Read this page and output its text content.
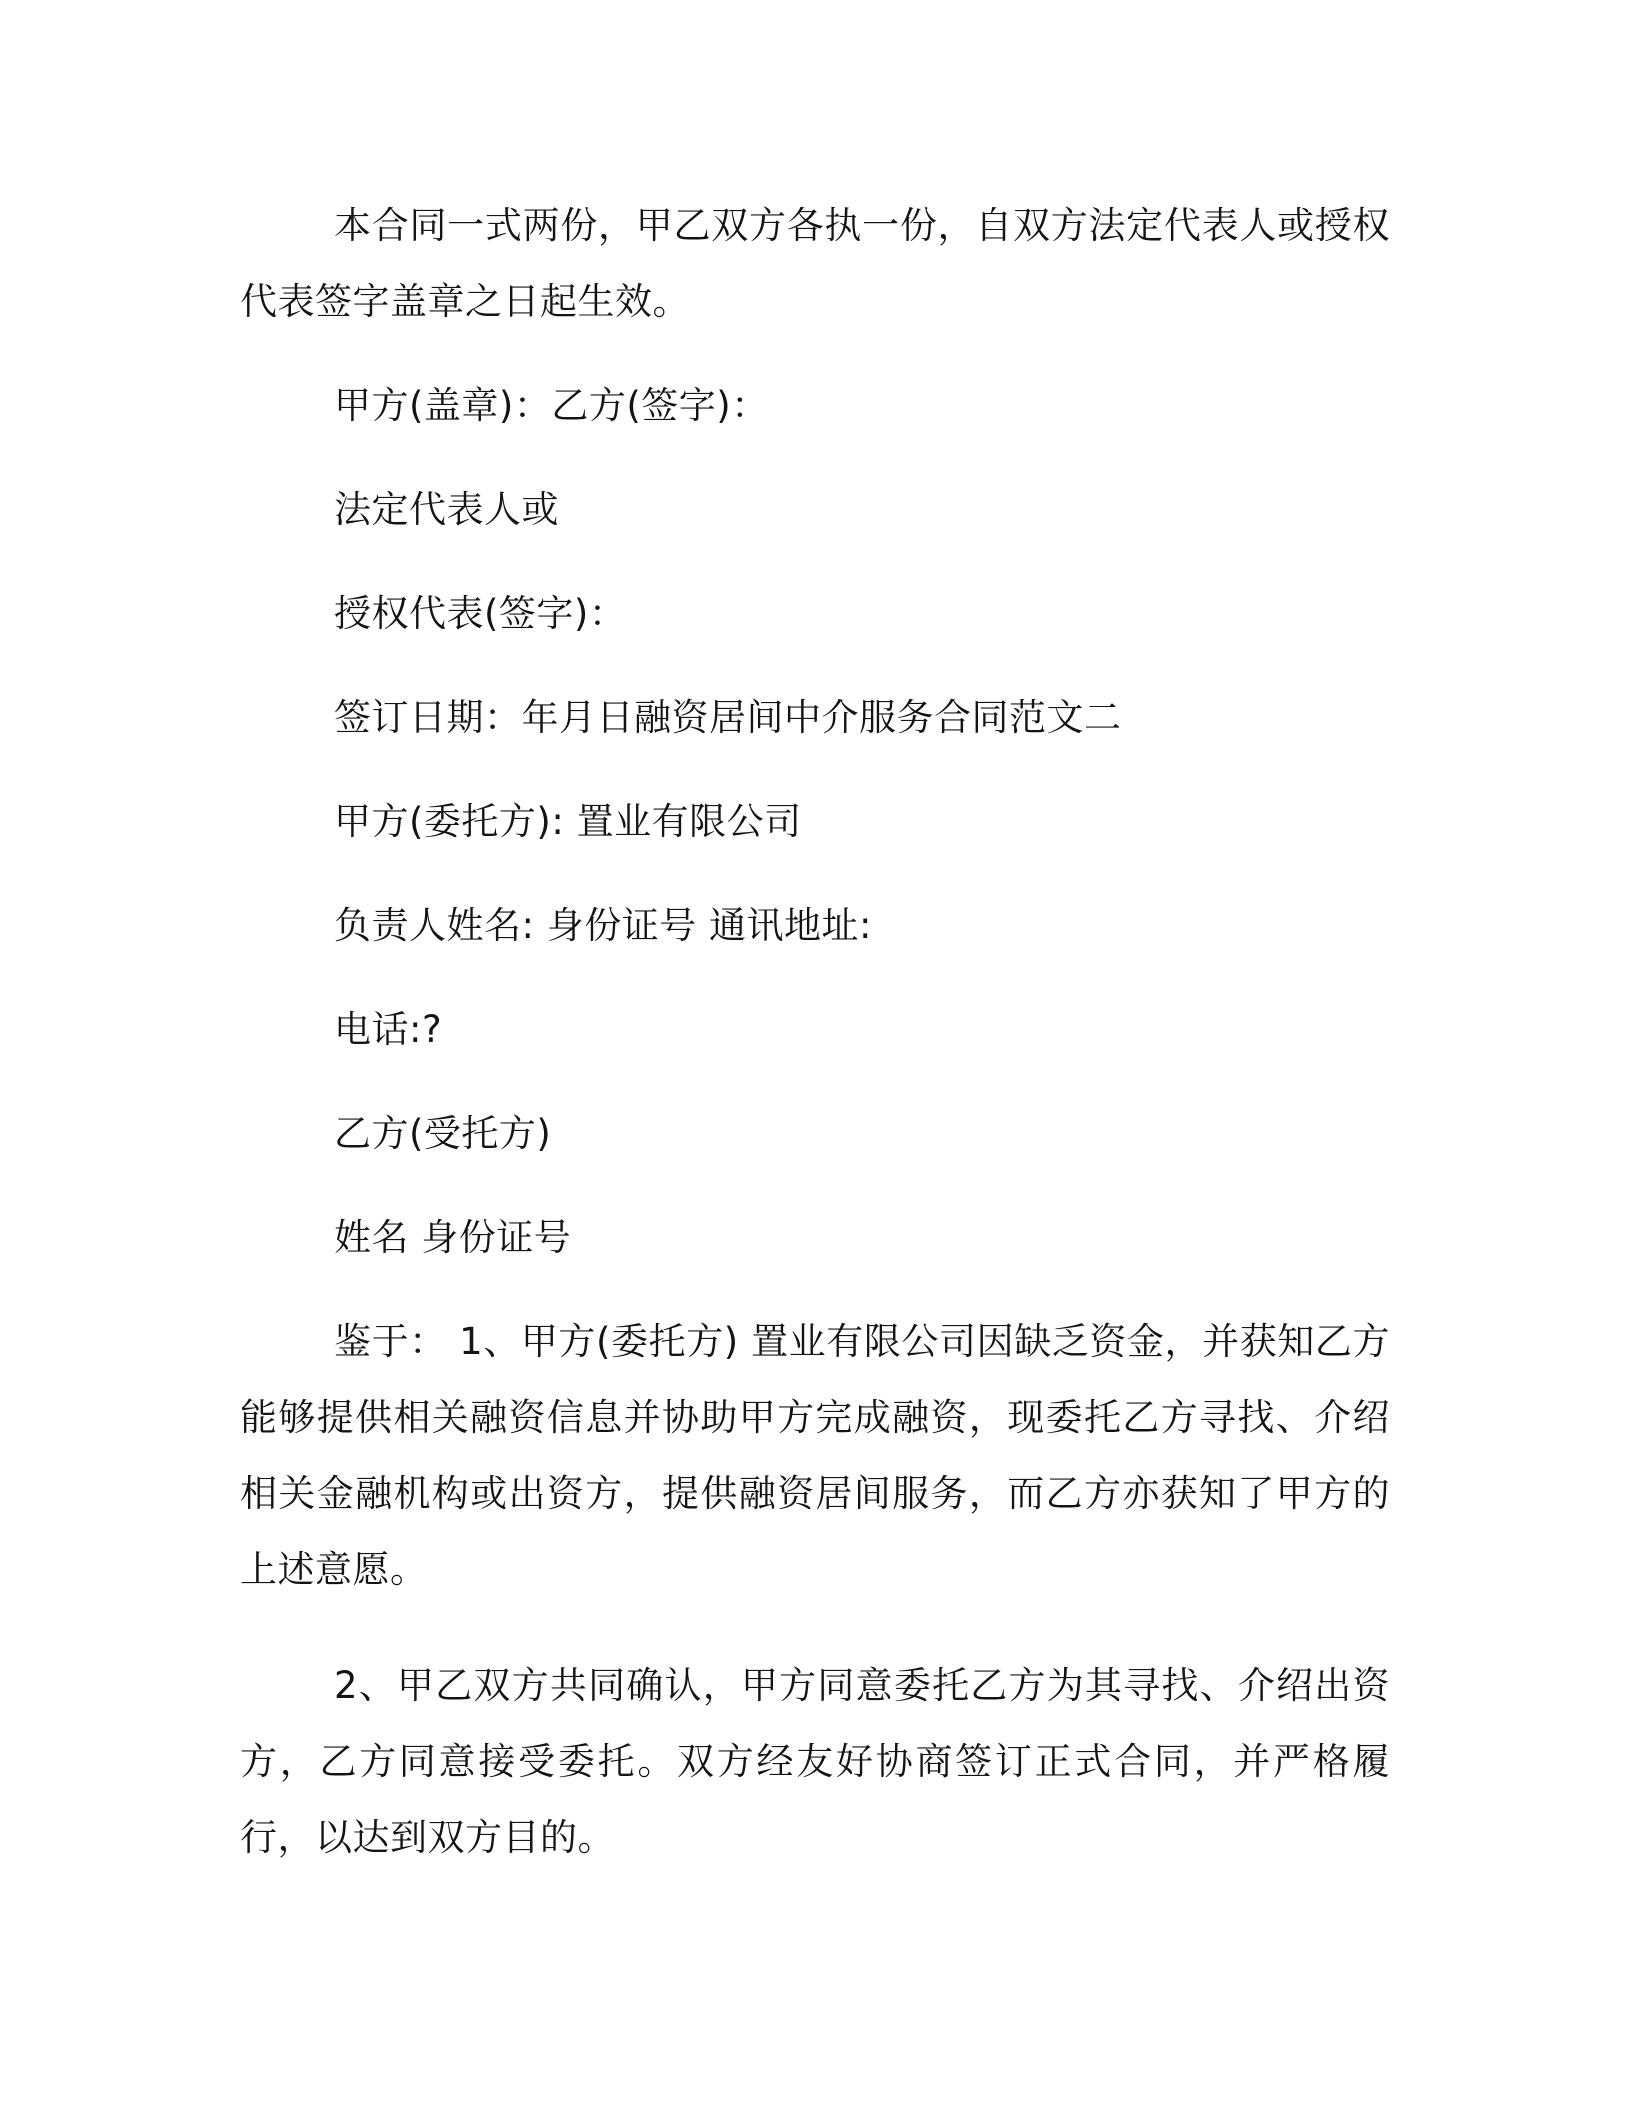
本合同一式两份，甲乙双方各执一份，自双方法定代表人或授权代表签字盖章之日起生效。

甲方(盖章)：乙方(签字)：

法定代表人或

授权代表(签字)：

签订日期：年月日融资居间中介服务合同范文二

甲方(委托方): 置业有限公司

负责人姓名: 身份证号 通讯地址:

电话:?

乙方(受托方)

姓名 身份证号

鉴于： 1、甲方(委托方) 置业有限公司因缺乏资金，并获知乙方能够提供相关融资信息并协助甲方完成融资，现委托乙方寻找、介绍相关金融机构或出资方，提供融资居间服务，而乙方亦获知了甲方的上述意愿。

2、甲乙双方共同确认，甲方同意委托乙方为其寻找、介绍出资方，乙方同意接受委托。双方经友好协商签订正式合同，并严格履行，以达到双方目的。
